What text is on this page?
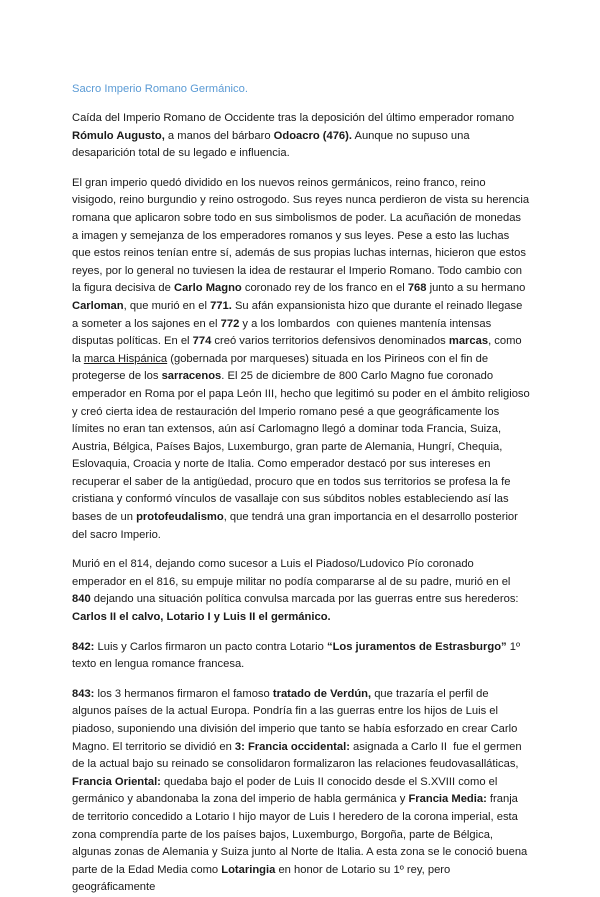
Sacro Imperio Romano Germánico.

Caída del Imperio Romano de Occidente tras la deposición del último emperador romano Rómulo Augusto, a manos del bárbaro Odoacro (476). Aunque no supuso una desaparición total de su legado e influencia.

El gran imperio quedó dividido en los nuevos reinos germánicos, reino franco, reino visigodo, reino burgundio y reino ostrogodo. Sus reyes nunca perdieron de vista su herencia romana que aplicaron sobre todo en sus simbolismos de poder. La acuñación de monedas a imagen y semejanza de los emperadores romanos y sus leyes. Pese a esto las luchas que estos reinos tenían entre sí, además de sus propias luchas internas, hicieron que estos reyes, por lo general no tuviesen la idea de restaurar el Imperio Romano. Todo cambio con la figura decisiva de Carlo Magno coronado rey de los franco en el 768 junto a su hermano Carloman, que murió en el 771. Su afán expansionista hizo que durante el reinado llegase a someter a los sajones en el 772 y a los lombardos  con quienes mantenía intensas disputas políticas. En el 774 creó varios territorios defensivos denominados marcas, como la marca Hispánica (gobernada por marqueses) situada en los Pirineos con el fin de protegerse de los sarracenos. El 25 de diciembre de 800 Carlo Magno fue coronado emperador en Roma por el papa León III, hecho que legitimó su poder en el ámbito religioso y creó cierta idea de restauración del Imperio romano pesé a que geográficamente los límites no eran tan extensos, aún así Carlomagno llegó a dominar toda Francia, Suiza, Austria, Bélgica, Países Bajos, Luxemburgo, gran parte de Alemania, Hungrí, Chequia, Eslovaquia, Croacia y norte de Italia. Como emperador destacó por sus intereses en recuperar el saber de la antigüedad, procuro que en todos sus territorios se profesa la fe cristiana y conformó vínculos de vasallaje con sus súbditos nobles estableciendo así las bases de un protofeudalismo, que tendrá una gran importancia en el desarrollo posterior del sacro Imperio.

Murió en el 814, dejando como sucesor a Luis el Piadoso/Ludovico Pío coronado emperador en el 816, su empuje militar no podía compararse al de su padre, murió en el 840 dejando una situación política convulsa marcada por las guerras entre sus herederos: Carlos II el calvo, Lotario I y Luis II el germánico.

842: Luis y Carlos firmaron un pacto contra Lotario “Los juramentos de Estrasburgo” 1º texto en lengua romance francesa.

843: los 3 hermanos firmaron el famoso tratado de Verdún, que trazaría el perfil de algunos países de la actual Europa. Pondría fin a las guerras entre los hijos de Luis el piadoso, suponiendo una división del imperio que tanto se había esforzado en crear Carlo Magno. El territorio se dividió en 3: Francia occidental: asignada a Carlo II  fue el germen de la actual bajo su reinado se consolidaron formalizaron las relaciones feudovasalláticas, Francia Oriental: quedaba bajo el poder de Luis II conocido desde el S.XVIII como el germánico y abandonaba la zona del imperio de habla germánica y Francia Media: franja de territorio concedido a Lotario I hijo mayor de Luis I heredero de la corona imperial, esta zona comprendía parte de los países bajos, Luxemburgo, Borgoña, parte de Bélgica, algunas zonas de Alemania y Suiza junto al Norte de Italia. A esta zona se le conoció buena parte de la Edad Media como Lotaringia en honor de Lotario su 1º rey, pero geográficamente
